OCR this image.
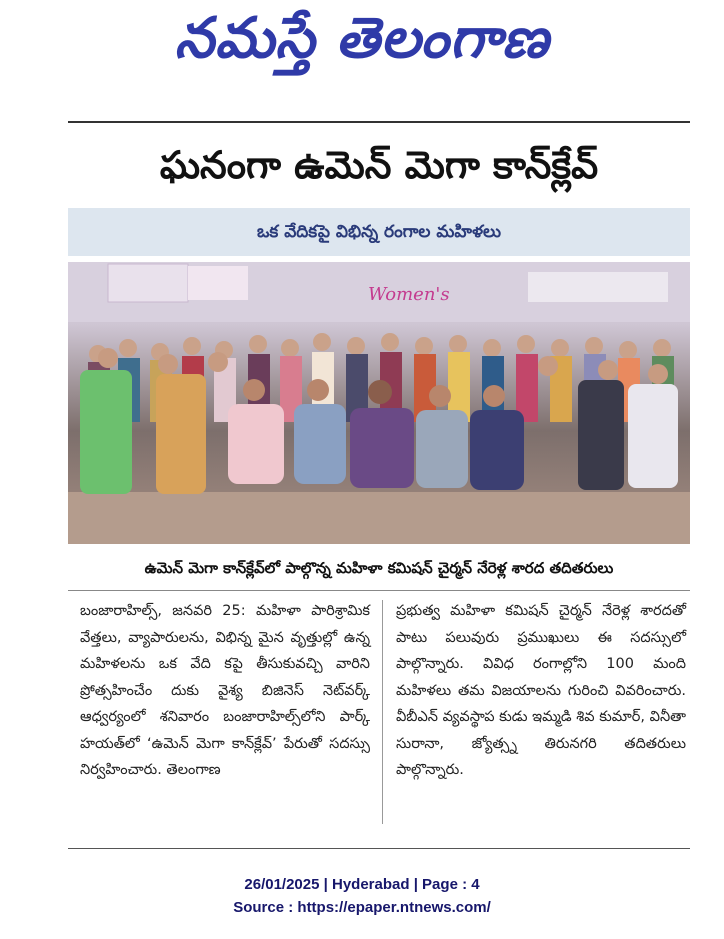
నమస్తే తెలంగాణ
ఘనంగా ఉమెన్ మెగా కాన్‌క్లేవ్
ఒక వేదికపై విభిన్న రంగాల మహిళలు
Women's
ఉమెన్ మెగా కాన్‌క్లేవ్‌లో పాల్గొన్న మహిళా కమిషన్ చైర్మన్ నేరెళ్ల శారద తదితరులు
బంజారాహిల్స్, జనవరి 25: మహిళా పారిశ్రామిక వేత్తలు, వ్యాపారులను, విభిన్న మైన వృత్తుల్లో ఉన్న మహిళలను ఒక వేది కపై తీసుకువచ్చి వారిని ప్రోత్సహించేం దుకు వైశ్య బిజినెస్ నెట్‌వర్క్ ఆధ్వర్యంలో శనివారం బంజారాహిల్స్‌లోని పార్క్ హయత్‌లో ‘ఉమెన్ మెగా కాన్‌క్లేవ్’ పేరుతో సదస్సు నిర్వహించారు. తెలంగాణ
ప్రభుత్వ మహిళా కమిషన్ చైర్మన్ నేరెళ్ల శారదతో పాటు పలువురు ప్రముఖులు ఈ సదస్సులో పాల్గొన్నారు. వివిధ రంగాల్లోని 100 మంది మహిళలు తమ విజయాలను గురించి వివరించారు. వీబీఎన్ వ్యవస్థాప కుడు ఇమ్మడి శివ కుమార్, వినీతా సురానా, జ్యోత్స్న తిరునగరి తదితరులు పాల్గొన్నారు.
26/01/2025 | Hyderabad | Page : 4
Source : https://epaper.ntnews.com/
